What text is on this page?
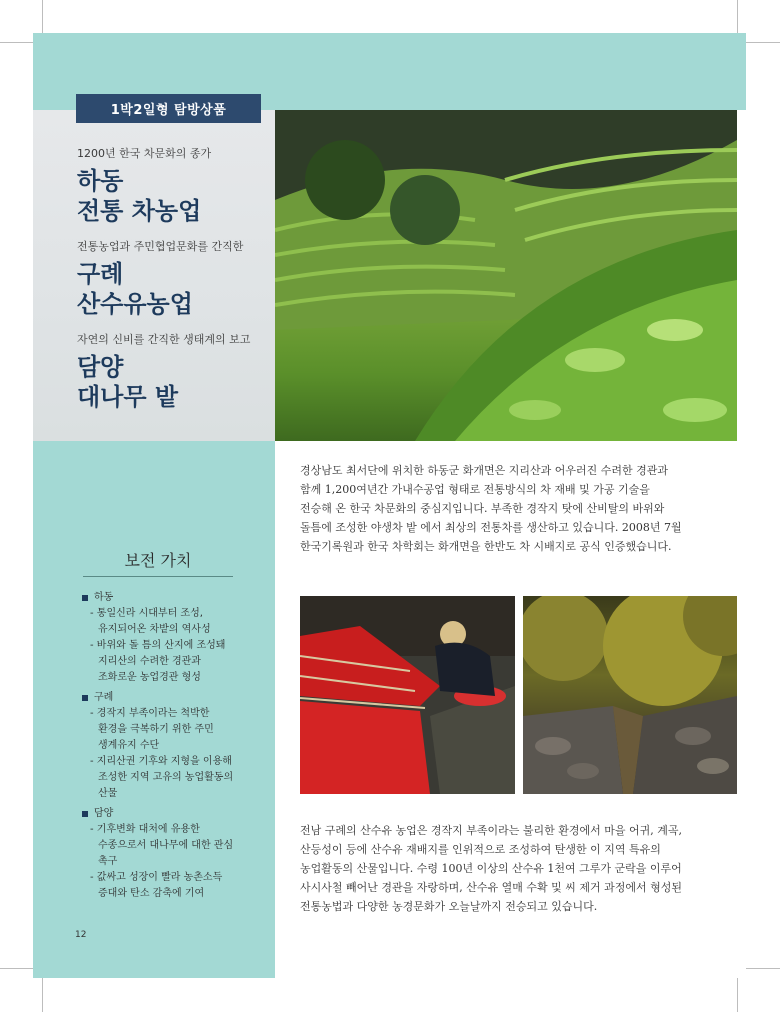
1박2일형 탐방상품
1200년 한국 차문화의 종가
하동
전통 차농업
전통농업과 주민협업문화를 간직한
구례
산수유농업
자연의 신비를 간직한 생태계의 보고
담양
대나무 밭
경상남도 최서단에 위치한 하동군 화개면은 지리산과 어우러진 수려한 경관과
함께 1,200여년간 가내수공업 형태로 전통방식의 차 재배 및 가공 기술을
전승해 온 한국 차문화의 중심지입니다. 부족한 경작지 탓에 산비탈의 바위와
돌틈에 조성한 야생차 밭 에서 최상의 전통차를 생산하고 있습니다. 2008년 7월
한국기록원과 한국 차학회는 화개면을 한반도 차 시배지로 공식 인증했습니다.
전남 구례의 산수유 농업은 경작지 부족이라는 불리한 환경에서 마을 어귀, 계곡,
산등성이 등에 산수유 재배지를 인위적으로 조성하여 탄생한 이 지역 특유의
농업활동의 산물입니다. 수령 100년 이상의 산수유 1천여 그루가 군락을 이루어
사시사철 빼어난 경관을 자랑하며, 산수유 열매 수확 및 씨 제거 과정에서 형성된
전통농법과 다양한 농경문화가 오늘날까지 전승되고 있습니다.
보전 가치
하동
- 통일신라 시대부터 조성,
유지되어온 차밭의 역사성
- 바위와 돌 틈의 산지에 조성돼
지리산의 수려한 경관과
조화로운 농업경관 형성
구례
- 경작지 부족이라는 척박한
환경을 극복하기 위한 주민
생계유지 수단
- 지리산권 기후와 지형을 이용해
조성한 지역 고유의 농업활동의
산물
담양
- 기후변화 대처에 유용한
수종으로서 대나무에 대한 관심
촉구
- 값싸고 성장이 빨라 농촌소득
증대와 탄소 감축에 기여
12
